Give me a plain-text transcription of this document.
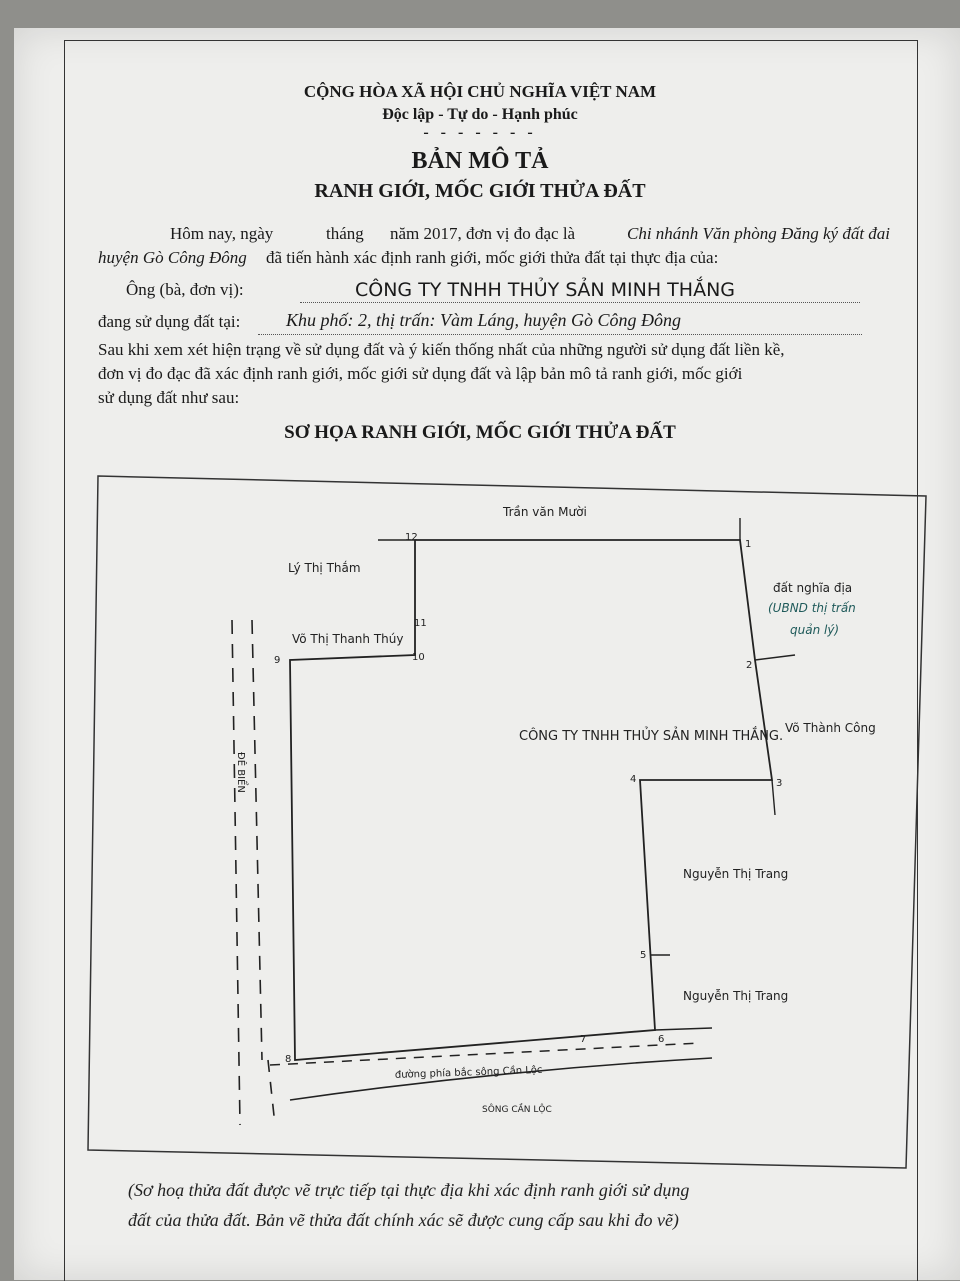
CỘNG HÒA XÃ HỘI CHỦ NGHĨA VIỆT NAM
Độc lập - Tự do - Hạnh phúc
- - - - - - -
BẢN MÔ TẢ
RANH GIỚI, MỐC GIỚI THỬA ĐẤT
Hôm nay, ngày	tháng năm 2017, đơn vị đo đạc là	Chi nhánh Văn phòng Đăng ký đất đai
huyện Gò Công Đông đã tiến hành xác định ranh giới, mốc giới thửa đất tại thực địa của:
Ông (bà, đơn vị):	CÔNG TY TNHH THỦY SẢN MINH THẮNG
đang sử dụng đất tại:	Khu phố: 2, thị trấn: Vàm Láng, huyện Gò Công Đông
Sau khi xem xét hiện trạng về sử dụng đất và ý kiến thống nhất của những người sử dụng đất liền kề,
đơn vị đo đạc đã xác định ranh giới, mốc giới sử dụng đất và lập bản mô tả ranh giới, mốc giới
sử dụng đất như sau:
SƠ HỌA RANH GIỚI, MỐC GIỚI THỬA ĐẤT
1
2
3
4
5
6
7
8
9	10
11
12
Trần văn Mười
Lý Thị Thắm
Võ Thị Thanh Thúy
đất nghĩa địa
Võ Thành Công
Nguyễn Thị Trang
Nguyễn Thị Trang
(UBND thị trấn
quản lý)
CÔNG TY TNHH THỦY SẢN MINH THẮNG.
ĐÊ BIỂN
đường phía bắc sông Cần Lộc
SÔNG CẦN LỘC
(Sơ hoạ thửa đất được vẽ trực tiếp tại thực địa khi xác định ranh giới sử dụng
đất của thửa đất. Bản vẽ thửa đất chính xác sẽ được cung cấp sau khi đo vẽ)
